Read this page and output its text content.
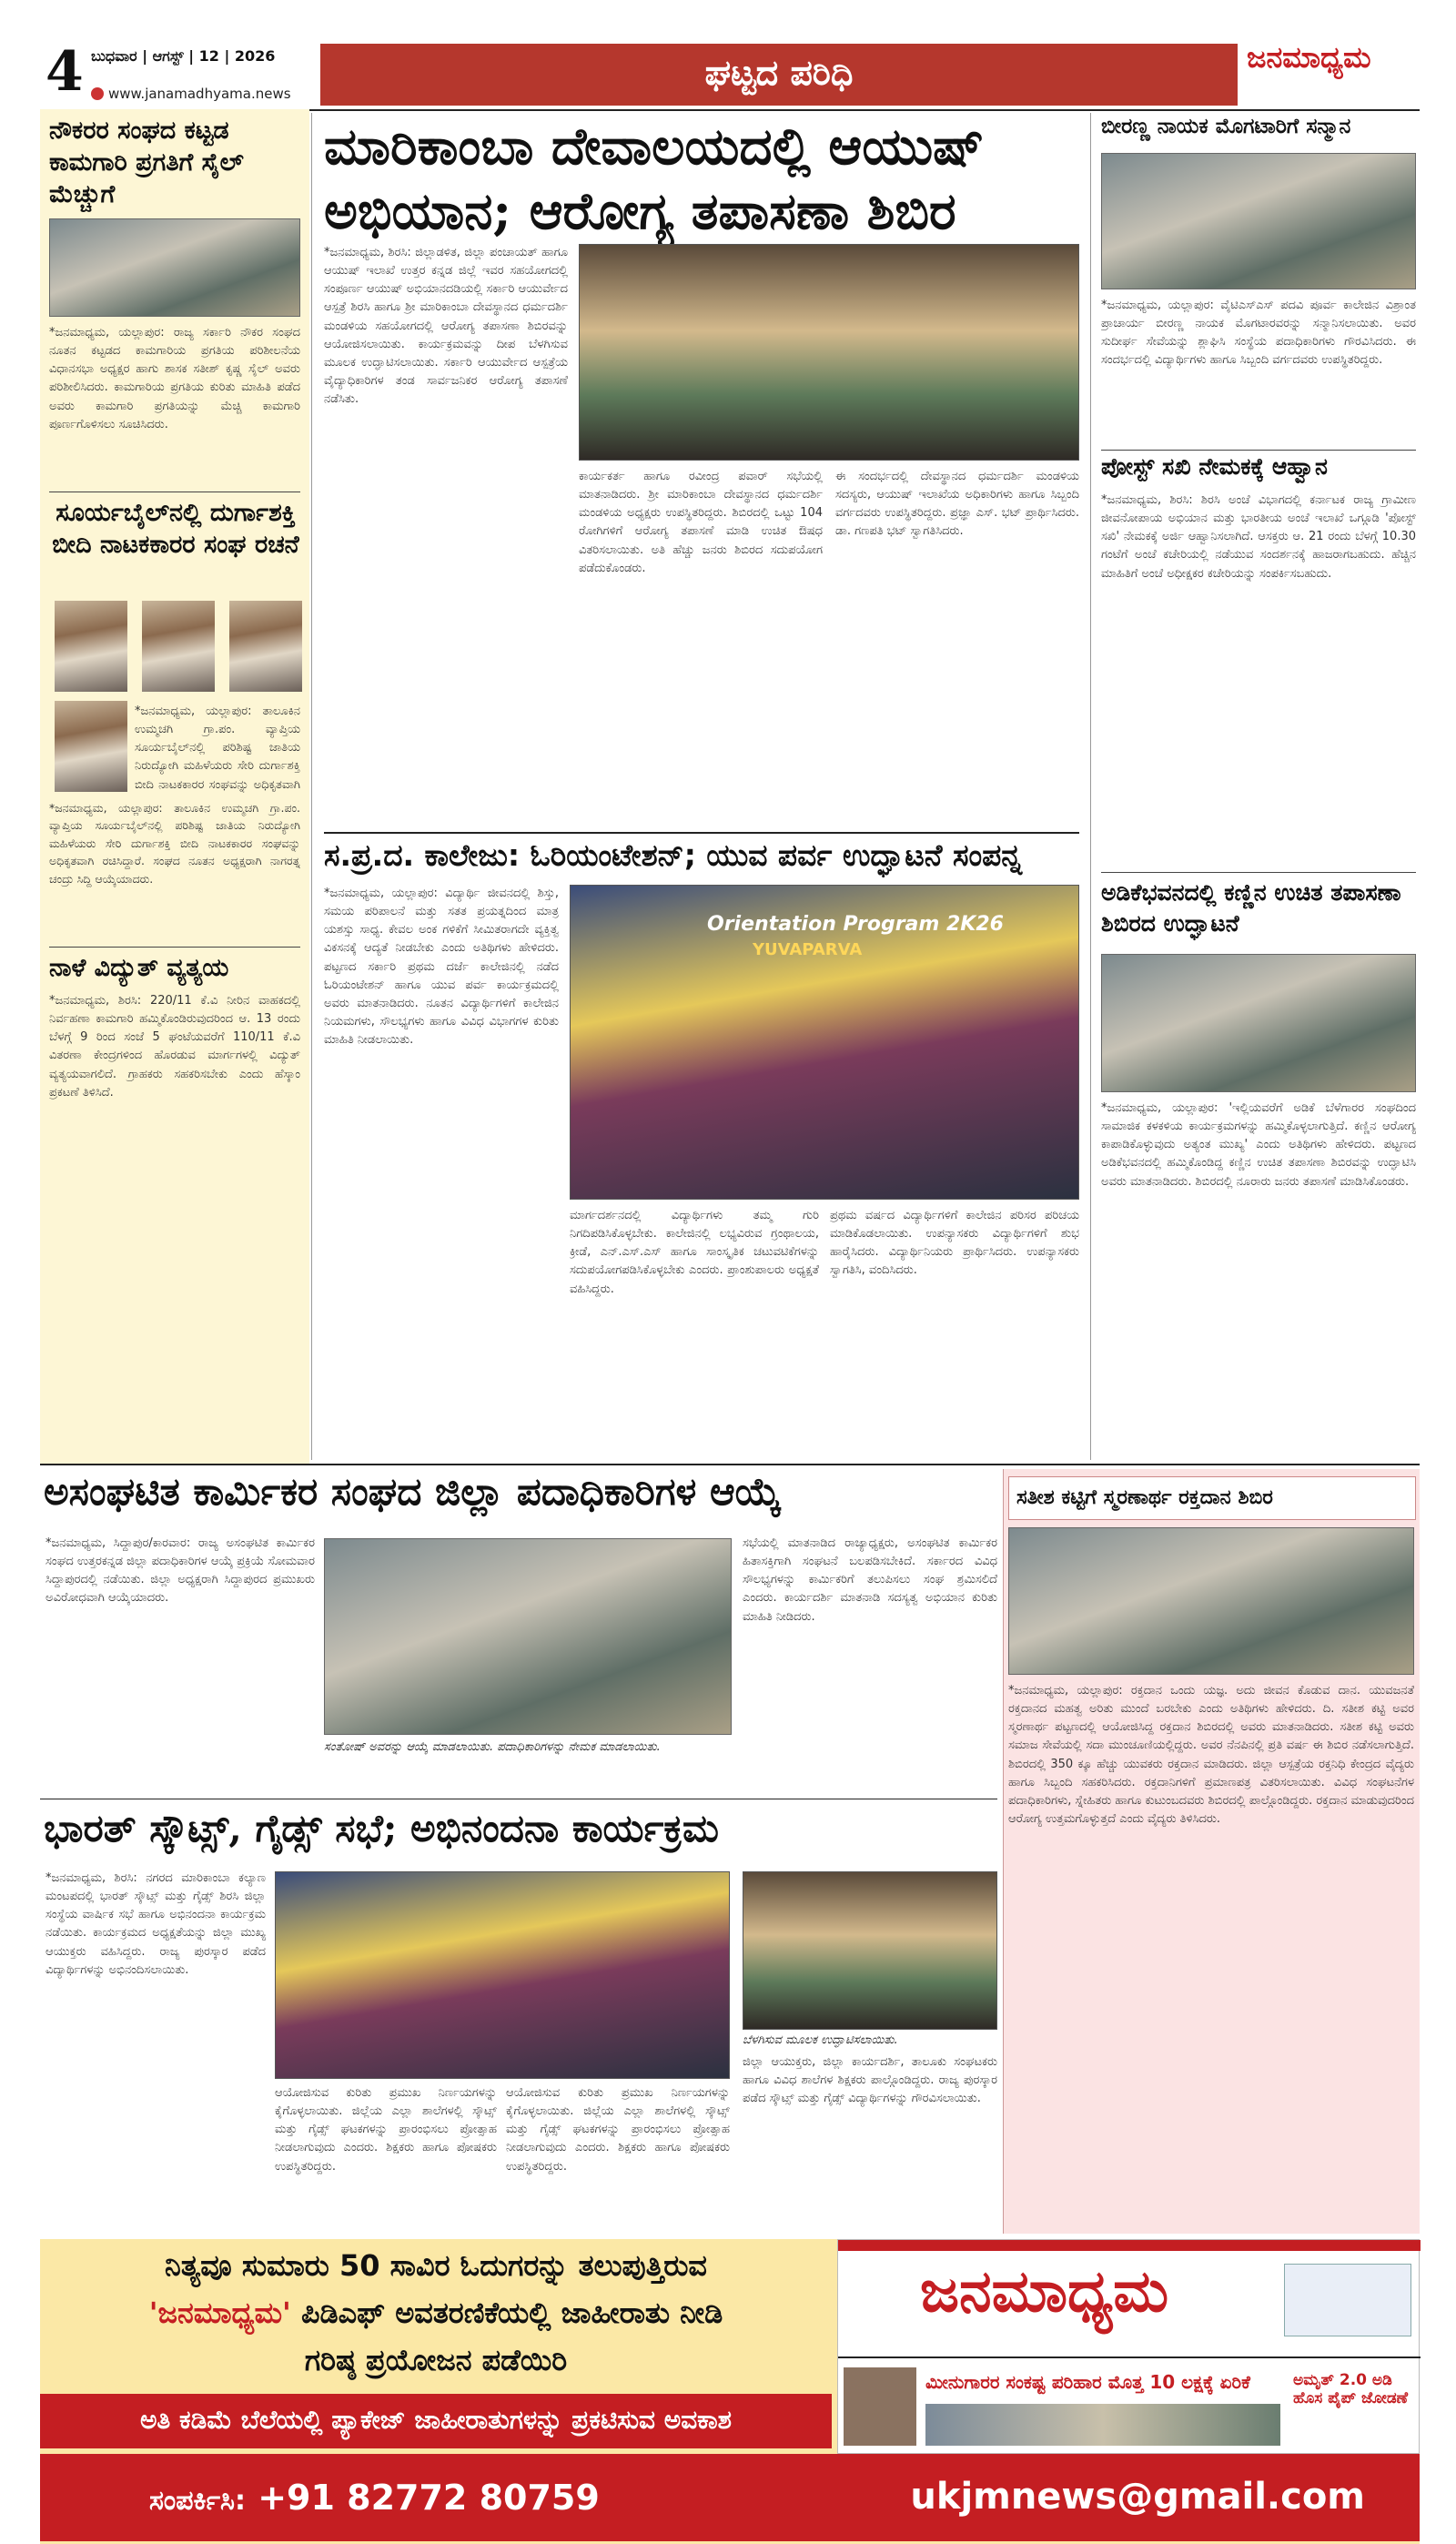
4 ಬುಧವಾರ | ಆಗಸ್ಟ್ | 12 | 2026
www.janamadhyama.news
ಘಟ್ಟದ ಪರಿಧಿ	ಜನಮಾಧ್ಯಮ
ನೌಕರರ ಸಂಘದ ಕಟ್ಟಡ ಕಾಮಗಾರಿ ಪ್ರಗತಿಗೆ ಸೈಲ್ ಮೆಚ್ಚುಗೆ
*ಜನಮಾಧ್ಯಮ, ಯಲ್ಲಾಪುರ: ರಾಜ್ಯ ಸರ್ಕಾರಿ ನೌಕರ ಸಂಘದ ನೂತನ ಕಟ್ಟಡದ ಕಾಮಗಾರಿಯ ಪ್ರಗತಿಯ ಪರಿಶೀಲನೆಯ ವಿಧಾನಸಭಾ ಅಧ್ಯಕ್ಷರ ಹಾಗು ಶಾಸಕ ಸತೀಶ್ ಕೃಷ್ಣ ಸೈಲ್ ಅವರು ಪರಿಶೀಲಿಸಿದರು. ಕಾಮಗಾರಿಯ ಪ್ರಗತಿಯ ಕುರಿತು ಮಾಹಿತಿ ಪಡೆದ ಅವರು ಕಾಮಗಾರಿ ಪ್ರಗತಿಯನ್ನು ಮೆಚ್ಚಿ ಕಾಮಗಾರಿ ಪೂರ್ಣಗೊಳಿಸಲು ಸೂಚಿಸಿದರು.
ಸೂರ್ಯಬೈಲ್‌ನಲ್ಲಿ ದುರ್ಗಾಶಕ್ತಿ ಬೀದಿ ನಾಟಕಕಾರರ ಸಂಘ ರಚನೆ
*ಜನಮಾಧ್ಯಮ, ಯಲ್ಲಾಪುರ: ತಾಲೂಕಿನ ಉಮ್ಮಚಗಿ ಗ್ರಾ.ಪಂ. ವ್ಯಾಪ್ತಿಯ ಸೂರ್ಯಬೈಲ್‌ನಲ್ಲಿ ಪರಿಶಿಷ್ಟ ಜಾತಿಯ ನಿರುದ್ಯೋಗಿ ಮಹಿಳೆಯರು ಸೇರಿ ದುರ್ಗಾಶಕ್ತಿ ಬೀದಿ ನಾಟಕಕಾರರ ಸಂಘವನ್ನು ಅಧಿಕೃತವಾಗಿ
*ಜನಮಾಧ್ಯಮ, ಯಲ್ಲಾಪುರ: ತಾಲೂಕಿನ ಉಮ್ಮಚಗಿ ಗ್ರಾ.ಪಂ. ವ್ಯಾಪ್ತಿಯ ಸೂರ್ಯಬೈಲ್‌ನಲ್ಲಿ ಪರಿಶಿಷ್ಟ ಜಾತಿಯ ನಿರುದ್ಯೋಗಿ ಮಹಿಳೆಯರು ಸೇರಿ ದುರ್ಗಾಶಕ್ತಿ ಬೀದಿ ನಾಟಕಕಾರರ ಸಂಘವನ್ನು ಅಧಿಕೃತವಾಗಿ ರಚಿಸಿದ್ದಾರೆ. ಸಂಘದ ನೂತನ ಅಧ್ಯಕ್ಷರಾಗಿ ನಾಗರತ್ನ ಚಂದ್ರು ಸಿದ್ದಿ ಆಯ್ಕೆಯಾದರು.
ನಾಳೆ ವಿದ್ಯುತ್ ವ್ಯತ್ಯಯ
*ಜನಮಾಧ್ಯಮ, ಶಿರಸಿ: 220/11 ಕೆ.ವಿ ನೀರಿನ ವಾಹಕದಲ್ಲಿ ನಿರ್ವಹಣಾ ಕಾಮಗಾರಿ ಹಮ್ಮಿಕೊಂಡಿರುವುದರಿಂದ ಆ. 13 ರಂದು ಬೆಳಗ್ಗೆ 9 ರಿಂದ ಸಂಜೆ 5 ಘಂಟೆಯವರೆಗೆ 110/11 ಕೆ.ವಿ ವಿತರಣಾ ಕೇಂದ್ರಗಳಿಂದ ಹೊರಡುವ ಮಾರ್ಗಗಳಲ್ಲಿ ವಿದ್ಯುತ್ ವ್ಯತ್ಯಯವಾಗಲಿದೆ. ಗ್ರಾಹಕರು ಸಹಕರಿಸಬೇಕು ಎಂದು ಹೆಸ್ಕಾಂ ಪ್ರಕಟಣೆ ತಿಳಿಸಿದೆ.
ಮಾರಿಕಾಂಬಾ ದೇವಾಲಯದಲ್ಲಿ ಆಯುಷ್ ಅಭಿಯಾನ; ಆರೋಗ್ಯ ತಪಾಸಣಾ ಶಿಬಿರ
*ಜನಮಾಧ್ಯಮ, ಶಿರಸಿ: ಜಿಲ್ಲಾಡಳಿತ, ಜಿಲ್ಲಾ ಪಂಚಾಯತ್ ಹಾಗೂ ಆಯುಷ್ ಇಲಾಖೆ ಉತ್ತರ ಕನ್ನಡ ಜಿಲ್ಲೆ ಇವರ ಸಹಯೋಗದಲ್ಲಿ ಸಂಪೂರ್ಣ ಆಯುಷ್ ಅಭಿಯಾನದಡಿಯಲ್ಲಿ ಸರ್ಕಾರಿ ಆಯುರ್ವೇದ ಆಸ್ಪತ್ರೆ ಶಿರಸಿ ಹಾಗೂ ಶ್ರೀ ಮಾರಿಕಾಂಬಾ ದೇವಸ್ಥಾನದ ಧರ್ಮದರ್ಶಿ ಮಂಡಳಿಯ ಸಹಯೋಗದಲ್ಲಿ ಆರೋಗ್ಯ ತಪಾಸಣಾ ಶಿಬಿರವನ್ನು ಆಯೋಜಿಸಲಾಯಿತು. ಕಾರ್ಯಕ್ರಮವನ್ನು ದೀಪ ಬೆಳಗಿಸುವ ಮೂಲಕ ಉದ್ಘಾಟಿಸಲಾಯಿತು. ಸರ್ಕಾರಿ ಆಯುರ್ವೇದ ಆಸ್ಪತ್ರೆಯ ವೈದ್ಯಾಧಿಕಾರಿಗಳ ತಂಡ ಸಾರ್ವಜನಿಕರ ಆರೋಗ್ಯ ತಪಾಸಣೆ ನಡೆಸಿತು.
ಕಾರ್ಯಕರ್ತ ಹಾಗೂ ರವೀಂದ್ರ ಪವಾರ್ ಸಭೆಯಲ್ಲಿ ಮಾತನಾಡಿದರು. ಶ್ರೀ ಮಾರಿಕಾಂಬಾ ದೇವಸ್ಥಾನದ ಧರ್ಮದರ್ಶಿ ಮಂಡಳಿಯ ಅಧ್ಯಕ್ಷರು ಉಪಸ್ಥಿತರಿದ್ದರು. ಶಿಬಿರದಲ್ಲಿ ಒಟ್ಟು 104 ರೋಗಿಗಳಿಗೆ ಆರೋಗ್ಯ ತಪಾಸಣೆ ಮಾಡಿ ಉಚಿತ ಔಷಧ ವಿತರಿಸಲಾಯಿತು. ಅತಿ ಹೆಚ್ಚು ಜನರು ಶಿಬಿರದ ಸದುಪಯೋಗ ಪಡೆದುಕೊಂಡರು.
ಈ ಸಂದರ್ಭದಲ್ಲಿ ದೇವಸ್ಥಾನದ ಧರ್ಮದರ್ಶಿ ಮಂಡಳಿಯ ಸದಸ್ಯರು, ಆಯುಷ್ ಇಲಾಖೆಯ ಅಧಿಕಾರಿಗಳು ಹಾಗೂ ಸಿಬ್ಬಂದಿ ವರ್ಗದವರು ಉಪಸ್ಥಿತರಿದ್ದರು. ಪ್ರಜ್ಞಾ ಎಸ್. ಭಟ್ ಪ್ರಾರ್ಥಿಸಿದರು. ಡಾ. ಗಣಪತಿ ಭಟ್ ಸ್ವಾಗತಿಸಿದರು.
ಸ.ಪ್ರ.ದ. ಕಾಲೇಜು: ಓರಿಯಂಟೇಶನ್; ಯುವ ಪರ್ವ ಉದ್ಘಾಟನೆ ಸಂಪನ್ನ
*ಜನಮಾಧ್ಯಮ, ಯಲ್ಲಾಪುರ: ವಿದ್ಯಾರ್ಥಿ ಜೀವನದಲ್ಲಿ ಶಿಸ್ತು, ಸಮಯ ಪರಿಪಾಲನೆ ಮತ್ತು ಸತತ ಪ್ರಯತ್ನದಿಂದ ಮಾತ್ರ ಯಶಸ್ಸು ಸಾಧ್ಯ. ಕೇವಲ ಅಂಕ ಗಳಿಕೆಗೆ ಸೀಮಿತರಾಗದೇ ವ್ಯಕ್ತಿತ್ವ ವಿಕಸನಕ್ಕೆ ಆದ್ಯತೆ ನೀಡಬೇಕು ಎಂದು ಅತಿಥಿಗಳು ಹೇಳಿದರು. ಪಟ್ಟಣದ ಸರ್ಕಾರಿ ಪ್ರಥಮ ದರ್ಜೆ ಕಾಲೇಜಿನಲ್ಲಿ ನಡೆದ ಓರಿಯಂಟೇಶನ್ ಹಾಗೂ ಯುವ ಪರ್ವ ಕಾರ್ಯಕ್ರಮದಲ್ಲಿ ಅವರು ಮಾತನಾಡಿದರು. ನೂತನ ವಿದ್ಯಾರ್ಥಿಗಳಿಗೆ ಕಾಲೇಜಿನ ನಿಯಮಗಳು, ಸೌಲಭ್ಯಗಳು ಹಾಗೂ ವಿವಿಧ ವಿಭಾಗಗಳ ಕುರಿತು ಮಾಹಿತಿ ನೀಡಲಾಯಿತು.
Orientation Program 2K26
YUVAPARVA
ಮಾರ್ಗದರ್ಶನದಲ್ಲಿ ವಿದ್ಯಾರ್ಥಿಗಳು ತಮ್ಮ ಗುರಿ ನಿಗದಿಪಡಿಸಿಕೊಳ್ಳಬೇಕು. ಕಾಲೇಜಿನಲ್ಲಿ ಲಭ್ಯವಿರುವ ಗ್ರಂಥಾಲಯ, ಕ್ರೀಡೆ, ಎನ್.ಎಸ್.ಎಸ್ ಹಾಗೂ ಸಾಂಸ್ಕೃತಿಕ ಚಟುವಟಿಕೆಗಳನ್ನು ಸದುಪಯೋಗಪಡಿಸಿಕೊಳ್ಳಬೇಕು ಎಂದರು. ಪ್ರಾಂಶುಪಾಲರು ಅಧ್ಯಕ್ಷತೆ ವಹಿಸಿದ್ದರು.
ಪ್ರಥಮ ವರ್ಷದ ವಿದ್ಯಾರ್ಥಿಗಳಿಗೆ ಕಾಲೇಜಿನ ಪರಿಸರ ಪರಿಚಯ ಮಾಡಿಕೊಡಲಾಯಿತು. ಉಪನ್ಯಾಸಕರು ವಿದ್ಯಾರ್ಥಿಗಳಿಗೆ ಶುಭ ಹಾರೈಸಿದರು. ವಿದ್ಯಾರ್ಥಿನಿಯರು ಪ್ರಾರ್ಥಿಸಿದರು. ಉಪನ್ಯಾಸಕರು ಸ್ವಾಗತಿಸಿ, ವಂದಿಸಿದರು.
ಬೀರಣ್ಣ ನಾಯಕ ಮೊಗಟಾರಿಗೆ ಸನ್ಮಾನ
*ಜನಮಾಧ್ಯಮ, ಯಲ್ಲಾಪುರ: ವೈಟಿಎಸ್‌ಎಸ್ ಪದವಿ ಪೂರ್ವ ಕಾಲೇಜಿನ ವಿಶ್ರಾಂತ ಪ್ರಾಚಾರ್ಯ ಬೀರಣ್ಣ ನಾಯಕ ಮೊಗಟಾರವರನ್ನು ಸನ್ಮಾನಿಸಲಾಯಿತು. ಅವರ ಸುದೀರ್ಘ ಸೇವೆಯನ್ನು ಶ್ಲಾಘಿಸಿ ಸಂಸ್ಥೆಯ ಪದಾಧಿಕಾರಿಗಳು ಗೌರವಿಸಿದರು. ಈ ಸಂದರ್ಭದಲ್ಲಿ ವಿದ್ಯಾರ್ಥಿಗಳು ಹಾಗೂ ಸಿಬ್ಬಂದಿ ವರ್ಗದವರು ಉಪಸ್ಥಿತರಿದ್ದರು.
ಪೋಸ್ಟ್ ಸಖಿ ನೇಮಕಕ್ಕೆ ಆಹ್ವಾನ
*ಜನಮಾಧ್ಯಮ, ಶಿರಸಿ: ಶಿರಸಿ ಅಂಚೆ ವಿಭಾಗದಲ್ಲಿ ಕರ್ನಾಟಕ ರಾಜ್ಯ ಗ್ರಾಮೀಣ ಜೀವನೋಪಾಯ ಅಭಿಯಾನ ಮತ್ತು ಭಾರತೀಯ ಅಂಚೆ ಇಲಾಖೆ ಒಗ್ಗೂಡಿ 'ಪೋಸ್ಟ್ ಸಖಿ' ನೇಮಕಕ್ಕೆ ಅರ್ಜಿ ಆಹ್ವಾನಿಸಲಾಗಿದೆ. ಆಸಕ್ತರು ಆ. 21 ರಂದು ಬೆಳಗ್ಗೆ 10.30 ಗಂಟೆಗೆ ಅಂಚೆ ಕಚೇರಿಯಲ್ಲಿ ನಡೆಯುವ ಸಂದರ್ಶನಕ್ಕೆ ಹಾಜರಾಗಬಹುದು. ಹೆಚ್ಚಿನ ಮಾಹಿತಿಗೆ ಅಂಚೆ ಅಧೀಕ್ಷಕರ ಕಚೇರಿಯನ್ನು ಸಂಪರ್ಕಿಸಬಹುದು.
ಅಡಿಕೆಭವನದಲ್ಲಿ ಕಣ್ಣಿನ ಉಚಿತ ತಪಾಸಣಾ ಶಿಬಿರದ ಉದ್ಘಾಟನೆ
*ಜನಮಾಧ್ಯಮ, ಯಲ್ಲಾಪುರ: 'ಇಲ್ಲಿಯವರೆಗೆ ಅಡಿಕೆ ಬೆಳೆಗಾರರ ಸಂಘದಿಂದ ಸಾಮಾಜಿಕ ಕಳಕಳಿಯ ಕಾರ್ಯಕ್ರಮಗಳನ್ನು ಹಮ್ಮಿಕೊಳ್ಳಲಾಗುತ್ತಿದೆ. ಕಣ್ಣಿನ ಆರೋಗ್ಯ ಕಾಪಾಡಿಕೊಳ್ಳುವುದು ಅತ್ಯಂತ ಮುಖ್ಯ' ಎಂದು ಅತಿಥಿಗಳು ಹೇಳಿದರು. ಪಟ್ಟಣದ ಅಡಿಕೆಭವನದಲ್ಲಿ ಹಮ್ಮಿಕೊಂಡಿದ್ದ ಕಣ್ಣಿನ ಉಚಿತ ತಪಾಸಣಾ ಶಿಬಿರವನ್ನು ಉದ್ಘಾಟಿಸಿ ಅವರು ಮಾತನಾಡಿದರು. ಶಿಬಿರದಲ್ಲಿ ನೂರಾರು ಜನರು ತಪಾಸಣೆ ಮಾಡಿಸಿಕೊಂಡರು.
ಅಸಂಘಟಿತ ಕಾರ್ಮಿಕರ ಸಂಘದ ಜಿಲ್ಲಾ ಪದಾಧಿಕಾರಿಗಳ ಆಯ್ಕೆ
*ಜನಮಾಧ್ಯಮ, ಸಿದ್ದಾಪುರ/ಕಾರವಾರ: ರಾಜ್ಯ ಅಸಂಘಟಿತ ಕಾರ್ಮಿಕರ ಸಂಘದ ಉತ್ತರಕನ್ನಡ ಜಿಲ್ಲಾ ಪದಾಧಿಕಾರಿಗಳ ಆಯ್ಕೆ ಪ್ರಕ್ರಿಯೆ ಸೋಮವಾರ ಸಿದ್ದಾಪುರದಲ್ಲಿ ನಡೆಯಿತು. ಜಿಲ್ಲಾ ಅಧ್ಯಕ್ಷರಾಗಿ ಸಿದ್ದಾಪುರದ ಪ್ರಮುಖರು ಅವಿರೋಧವಾಗಿ ಆಯ್ಕೆಯಾದರು.
ಸಂತೋಷ್ ಅವರನ್ನು ಆಯ್ಕೆ ಮಾಡಲಾಯಿತು. ಪದಾಧಿಕಾರಿಗಳನ್ನು ನೇಮಕ ಮಾಡಲಾಯಿತು.
ಸಭೆಯಲ್ಲಿ ಮಾತನಾಡಿದ ರಾಜ್ಯಾಧ್ಯಕ್ಷರು, ಅಸಂಘಟಿತ ಕಾರ್ಮಿಕರ ಹಿತಾಸಕ್ತಿಗಾಗಿ ಸಂಘಟನೆ ಬಲಪಡಿಸಬೇಕಿದೆ. ಸರ್ಕಾರದ ವಿವಿಧ ಸೌಲಭ್ಯಗಳನ್ನು ಕಾರ್ಮಿಕರಿಗೆ ತಲುಪಿಸಲು ಸಂಘ ಶ್ರಮಿಸಲಿದೆ ಎಂದರು. ಕಾರ್ಯದರ್ಶಿ ಮಾತನಾಡಿ ಸದಸ್ಯತ್ವ ಅಭಿಯಾನ ಕುರಿತು ಮಾಹಿತಿ ನೀಡಿದರು.
ಸತೀಶ ಕಟ್ಟಿಗೆ ಸ್ಮರಣಾರ್ಥ ರಕ್ತದಾನ ಶಿಬಿರ
*ಜನಮಾಧ್ಯಮ, ಯಲ್ಲಾಪುರ: ರಕ್ತದಾನ ಒಂದು ಯಜ್ಞ. ಅದು ಜೀವನ ಕೊಡುವ ದಾನ. ಯುವಜನತೆ ರಕ್ತದಾನದ ಮಹತ್ವ ಅರಿತು ಮುಂದೆ ಬರಬೇಕು ಎಂದು ಅತಿಥಿಗಳು ಹೇಳಿದರು. ದಿ. ಸತೀಶ ಕಟ್ಟಿ ಅವರ ಸ್ಮರಣಾರ್ಥ ಪಟ್ಟಣದಲ್ಲಿ ಆಯೋಜಿಸಿದ್ದ ರಕ್ತದಾನ ಶಿಬಿರದಲ್ಲಿ ಅವರು ಮಾತನಾಡಿದರು. ಸತೀಶ ಕಟ್ಟಿ ಅವರು ಸಮಾಜ ಸೇವೆಯಲ್ಲಿ ಸದಾ ಮುಂಚೂಣಿಯಲ್ಲಿದ್ದರು. ಅವರ ನೆನಪಿನಲ್ಲಿ ಪ್ರತಿ ವರ್ಷ ಈ ಶಿಬಿರ ನಡೆಸಲಾಗುತ್ತಿದೆ. ಶಿಬಿರದಲ್ಲಿ 350 ಕ್ಕೂ ಹೆಚ್ಚು ಯುವಕರು ರಕ್ತದಾನ ಮಾಡಿದರು. ಜಿಲ್ಲಾ ಆಸ್ಪತ್ರೆಯ ರಕ್ತನಿಧಿ ಕೇಂದ್ರದ ವೈದ್ಯರು ಹಾಗೂ ಸಿಬ್ಬಂದಿ ಸಹಕರಿಸಿದರು. ರಕ್ತದಾನಿಗಳಿಗೆ ಪ್ರಮಾಣಪತ್ರ ವಿತರಿಸಲಾಯಿತು. ವಿವಿಧ ಸಂಘಟನೆಗಳ ಪದಾಧಿಕಾರಿಗಳು, ಸ್ನೇಹಿತರು ಹಾಗೂ ಕುಟುಂಬದವರು ಶಿಬಿರದಲ್ಲಿ ಪಾಲ್ಗೊಂಡಿದ್ದರು. ರಕ್ತದಾನ ಮಾಡುವುದರಿಂದ ಆರೋಗ್ಯ ಉತ್ತಮಗೊಳ್ಳುತ್ತದೆ ಎಂದು ವೈದ್ಯರು ತಿಳಿಸಿದರು.
ಭಾರತ್ ಸ್ಕೌಟ್ಸ್, ಗೈಡ್ಸ್ ಸಭೆ; ಅಭಿನಂದನಾ ಕಾರ್ಯಕ್ರಮ
*ಜನಮಾಧ್ಯಮ, ಶಿರಸಿ: ನಗರದ ಮಾರಿಕಾಂಬಾ ಕಲ್ಯಾಣ ಮಂಟಪದಲ್ಲಿ ಭಾರತ್ ಸ್ಕೌಟ್ಸ್ ಮತ್ತು ಗೈಡ್ಸ್ ಶಿರಸಿ ಜಿಲ್ಲಾ ಸಂಸ್ಥೆಯ ವಾರ್ಷಿಕ ಸಭೆ ಹಾಗೂ ಅಭಿನಂದನಾ ಕಾರ್ಯಕ್ರಮ ನಡೆಯಿತು. ಕಾರ್ಯಕ್ರಮದ ಅಧ್ಯಕ್ಷತೆಯನ್ನು ಜಿಲ್ಲಾ ಮುಖ್ಯ ಆಯುಕ್ತರು ವಹಿಸಿದ್ದರು. ರಾಜ್ಯ ಪುರಸ್ಕಾರ ಪಡೆದ ವಿದ್ಯಾರ್ಥಿಗಳನ್ನು ಅಭಿನಂದಿಸಲಾಯಿತು.
ಆಯೋಜಿಸುವ ಕುರಿತು ಪ್ರಮುಖ ನಿರ್ಣಯಗಳನ್ನು ಕೈಗೊಳ್ಳಲಾಯಿತು. ಜಿಲ್ಲೆಯ ಎಲ್ಲಾ ಶಾಲೆಗಳಲ್ಲಿ ಸ್ಕೌಟ್ಸ್ ಮತ್ತು ಗೈಡ್ಸ್ ಘಟಕಗಳನ್ನು ಪ್ರಾರಂಭಿಸಲು ಪ್ರೋತ್ಸಾಹ ನೀಡಲಾಗುವುದು ಎಂದರು. ಶಿಕ್ಷಕರು ಹಾಗೂ ಪೋಷಕರು ಉಪಸ್ಥಿತರಿದ್ದರು.
ಆಯೋಜಿಸುವ ಕುರಿತು ಪ್ರಮುಖ ನಿರ್ಣಯಗಳನ್ನು ಕೈಗೊಳ್ಳಲಾಯಿತು. ಜಿಲ್ಲೆಯ ಎಲ್ಲಾ ಶಾಲೆಗಳಲ್ಲಿ ಸ್ಕೌಟ್ಸ್ ಮತ್ತು ಗೈಡ್ಸ್ ಘಟಕಗಳನ್ನು ಪ್ರಾರಂಭಿಸಲು ಪ್ರೋತ್ಸಾಹ ನೀಡಲಾಗುವುದು ಎಂದರು. ಶಿಕ್ಷಕರು ಹಾಗೂ ಪೋಷಕರು ಉಪಸ್ಥಿತರಿದ್ದರು.
ಬೆಳಗಿಸುವ ಮೂಲಕ ಉದ್ಘಾಟಿಸಲಾಯಿತು.
ಜಿಲ್ಲಾ ಆಯುಕ್ತರು, ಜಿಲ್ಲಾ ಕಾರ್ಯದರ್ಶಿ, ತಾಲೂಕು ಸಂಘಟಕರು ಹಾಗೂ ವಿವಿಧ ಶಾಲೆಗಳ ಶಿಕ್ಷಕರು ಪಾಲ್ಗೊಂಡಿದ್ದರು. ರಾಜ್ಯ ಪುರಸ್ಕಾರ ಪಡೆದ ಸ್ಕೌಟ್ಸ್ ಮತ್ತು ಗೈಡ್ಸ್ ವಿದ್ಯಾರ್ಥಿಗಳನ್ನು ಗೌರವಿಸಲಾಯಿತು.
ನಿತ್ಯವೂ ಸುಮಾರು 50 ಸಾವಿರ ಓದುಗರನ್ನು ತಲುಪುತ್ತಿರುವ
'ಜನಮಾಧ್ಯಮ' ಪಿಡಿಎಫ್ ಅವತರಣಿಕೆಯಲ್ಲಿ ಜಾಹೀರಾತು ನೀಡಿ
ಗರಿಷ್ಠ ಪ್ರಯೋಜನ ಪಡೆಯಿರಿ
ಅತಿ ಕಡಿಮೆ ಬೆಲೆಯಲ್ಲಿ ಪ್ಯಾಕೇಜ್ ಜಾಹೀರಾತುಗಳನ್ನು ಪ್ರಕಟಿಸುವ ಅವಕಾಶ
ಜನಮಾಧ್ಯಮ
ಮೀನುಗಾರರ ಸಂಕಷ್ಟ ಪರಿಹಾರ ಮೊತ್ತ 10 ಲಕ್ಷಕ್ಕೆ ಏರಿಕೆ	ಅಮೃತ್ 2.0 ಅಡಿ ಹೊಸ ಪೈಪ್ ಜೋಡಣೆ
ಸಂಪರ್ಕಿಸಿ: +91 82772 80759	ukjmnews@gmail.com
